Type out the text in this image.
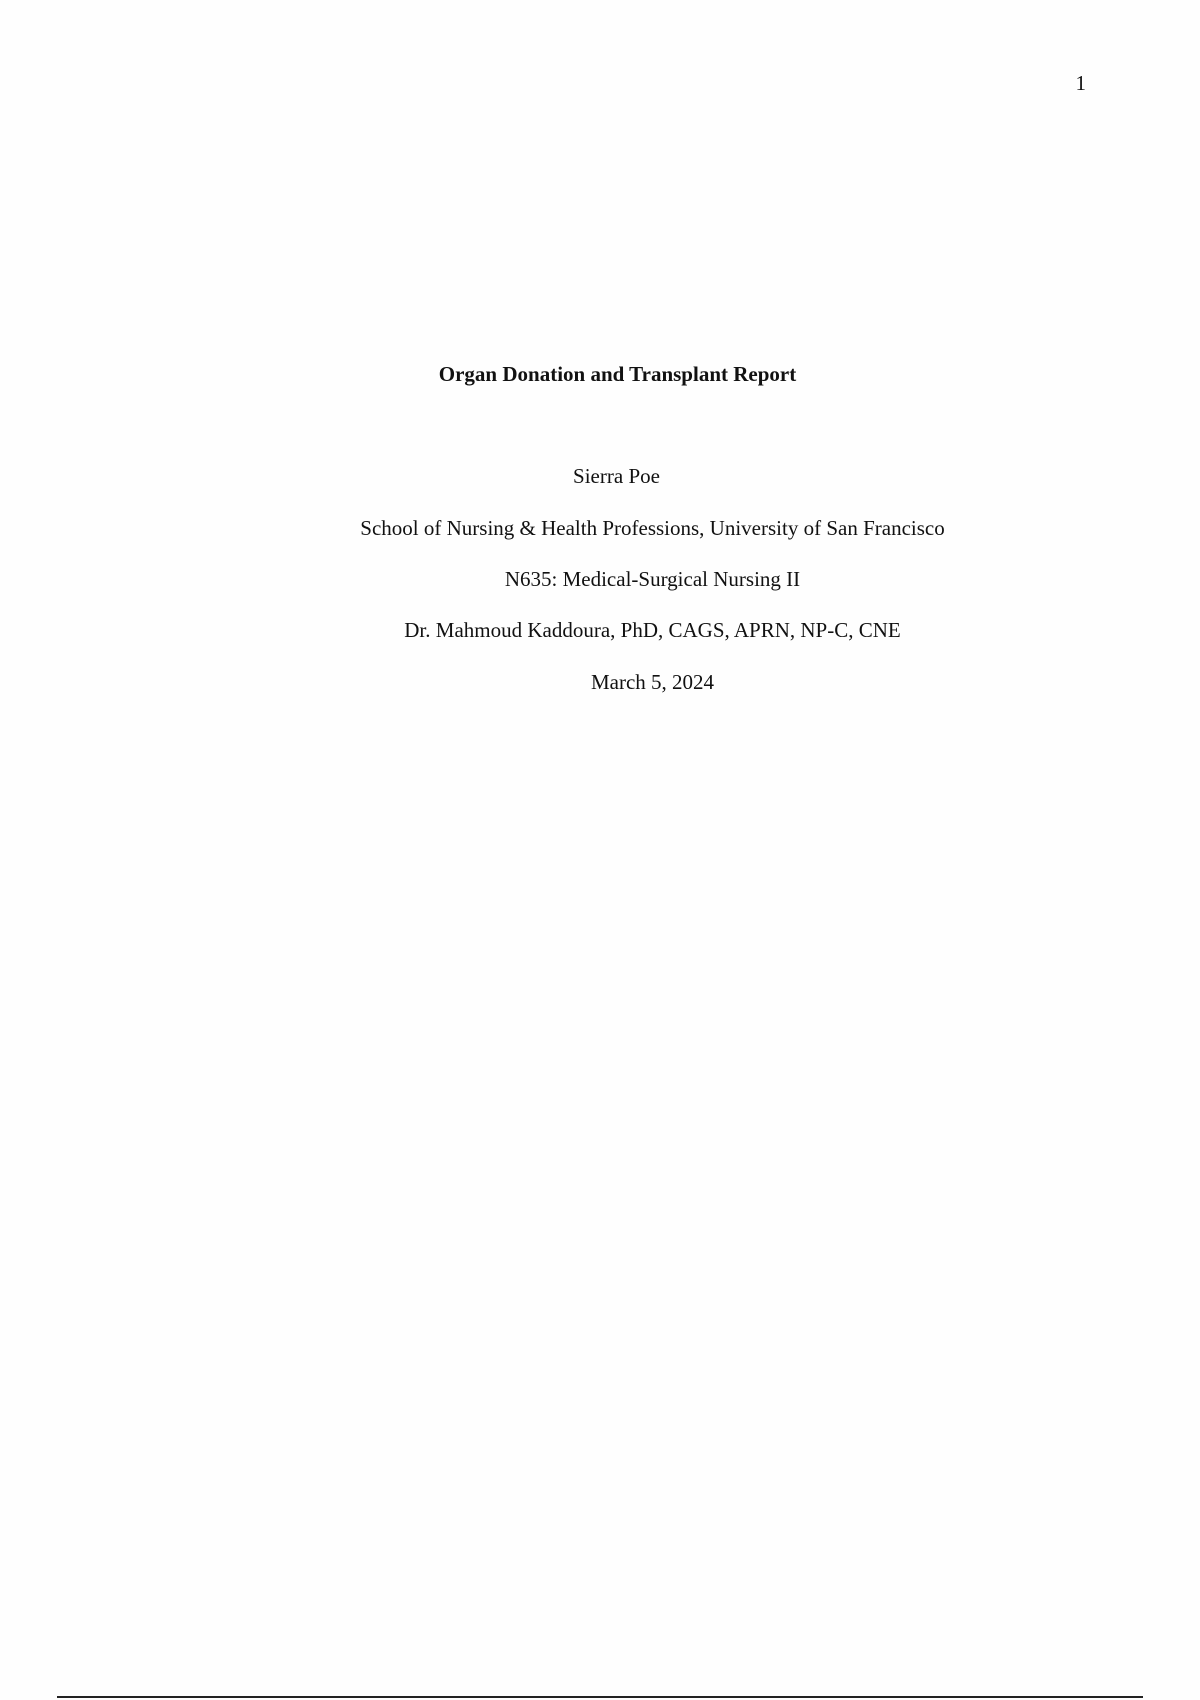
1
Organ Donation and Transplant Report
Sierra Poe
School of Nursing & Health Professions, University of San Francisco
N635: Medical-Surgical Nursing II
Dr. Mahmoud Kaddoura, PhD, CAGS, APRN, NP-C, CNE
March 5, 2024
